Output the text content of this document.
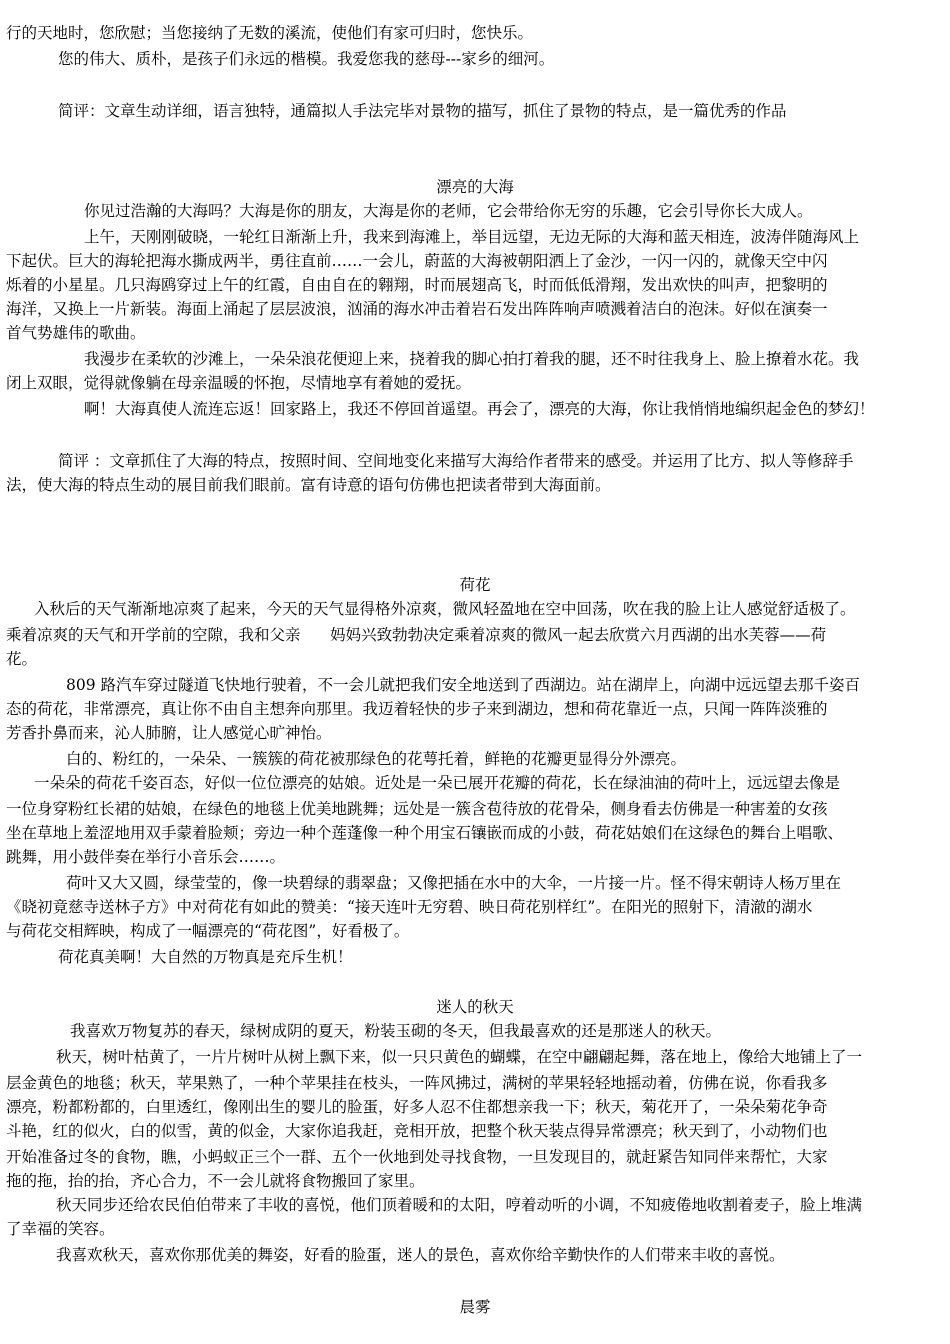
行的天地时，您欣慰；当您接纳了无数的溪流，使他们有家可归时，您快乐。

您的伟大、质朴，是孩子们永远的楷模。我爱您我的慈母---家乡的细河。

简评：文章生动详细，语言独特，通篇拟人手法完毕对景物的描写，抓住了景物的特点，是一篇优秀的作品

漂亮的大海

你见过浩瀚的大海吗？大海是你的朋友，大海是你的老师，它会带给你无穷的乐趣，它会引导你长大成人。

上午，天刚刚破晓，一轮红日渐渐上升，我来到海滩上，举目远望，无边无际的大海和蓝天相连，波涛伴随海风上

下起伏。巨大的海轮把海水撕成两半，勇往直前……一会儿，蔚蓝的大海被朝阳洒上了金沙，一闪一闪的，就像天空中闪

烁着的小星星。几只海鸥穿过上午的红霞，自由自在的翱翔，时而展翅高飞，时而低低滑翔，发出欢快的叫声，把黎明的

海洋，又换上一片新装。海面上涌起了层层波浪，汹涌的海水冲击着岩石发出阵阵响声喷溅着洁白的泡沫。好似在演奏一

首气势雄伟的歌曲。

我漫步在柔软的沙滩上，一朵朵浪花便迎上来，挠着我的脚心拍打着我的腿，还不时往我身上、脸上撩着水花。我

闭上双眼，觉得就像躺在母亲温暖的怀抱，尽情地享有着她的爱抚。

啊！大海真使人流连忘返！回家路上，我还不停回首遥望。再会了，漂亮的大海，你让我悄悄地编织起金色的梦幻！

简评 ：文章抓住了大海的特点，按照时间、空间地变化来描写大海给作者带来的感受。并运用了比方、拟人等修辞手

法，使大海的特点生动的展目前我们眼前。富有诗意的语句仿佛也把读者带到大海面前。

荷花

入秋后的天气渐渐地凉爽了起来，今天的天气显得格外凉爽，微风轻盈地在空中回荡，吹在我的脸上让人感觉舒适极了。

乘着凉爽的天气和开学前的空隙，我和父亲      妈妈兴致勃勃决定乘着凉爽的微风一起去欣赏六月西湖的出水芙蓉——荷

花。

809 路汽车穿过隧道飞快地行驶着，不一会儿就把我们安全地送到了西湖边。站在湖岸上，向湖中远远望去那千姿百

态的荷花，非常漂亮，真让你不由自主想奔向那里。我迈着轻快的步子来到湖边，想和荷花靠近一点，只闻一阵阵淡雅的

芳香扑鼻而来，沁人肺腑，让人感觉心旷神怡。

白的、粉红的，一朵朵、一簇簇的荷花被那绿色的花萼托着，鲜艳的花瓣更显得分外漂亮。

一朵朵的荷花千姿百态，好似一位位漂亮的姑娘。近处是一朵已展开花瓣的荷花，长在绿油油的荷叶上，远远望去像是

一位身穿粉红长裙的姑娘，在绿色的地毯上优美地跳舞；远处是一簇含苞待放的花骨朵，侧身看去仿佛是一种害羞的女孩

坐在草地上羞涩地用双手蒙着脸颊；旁边一种个莲蓬像一种个用宝石镶嵌而成的小鼓，荷花姑娘们在这绿色的舞台上唱歌、

跳舞，用小鼓伴奏在举行小音乐会……。

荷叶又大又圆，绿莹莹的，像一块碧绿的翡翠盘；又像把插在水中的大伞，一片接一片。怪不得宋朝诗人杨万里在

《晓初竟慈寺送林子方》中对荷花有如此的赞美：“接天连叶无穷碧、映日荷花别样红”。在阳光的照射下，清澈的湖水

与荷花交相辉映，构成了一幅漂亮的“荷花图”，好看极了。

荷花真美啊！大自然的万物真是充斥生机！

迷人的秋天

我喜欢万物复苏的春天，绿树成阴的夏天，粉装玉砌的冬天，但我最喜欢的还是那迷人的秋天。

秋天，树叶枯黄了，一片片树叶从树上飘下来，似一只只黄色的蝴蝶，在空中翩翩起舞，落在地上，像给大地铺上了一

层金黄色的地毯；秋天，苹果熟了，一种个苹果挂在枝头，一阵风拂过，满树的苹果轻轻地摇动着，仿佛在说，你看我多

漂亮，粉都粉都的，白里透红，像刚出生的婴儿的脸蛋，好多人忍不住都想亲我一下；秋天，菊花开了，一朵朵菊花争奇

斗艳，红的似火，白的似雪，黄的似金，大家你追我赶，竞相开放，把整个秋天装点得异常漂亮；秋天到了，小动物们也

开始准备过冬的食物，瞧，小蚂蚁正三个一群、五个一伙地到处寻找食物，一旦发现目的，就赶紧告知同伴来帮忙，大家

拖的拖，抬的抬，齐心合力，不一会儿就将食物搬回了家里。

秋天同步还给农民伯伯带来了丰收的喜悦，他们顶着暖和的太阳，哼着动听的小调，不知疲倦地收割着麦子，脸上堆满

了幸福的笑容。

我喜欢秋天，喜欢你那优美的舞姿，好看的脸蛋，迷人的景色，喜欢你给辛勤快作的人们带来丰收的喜悦。

晨雾
